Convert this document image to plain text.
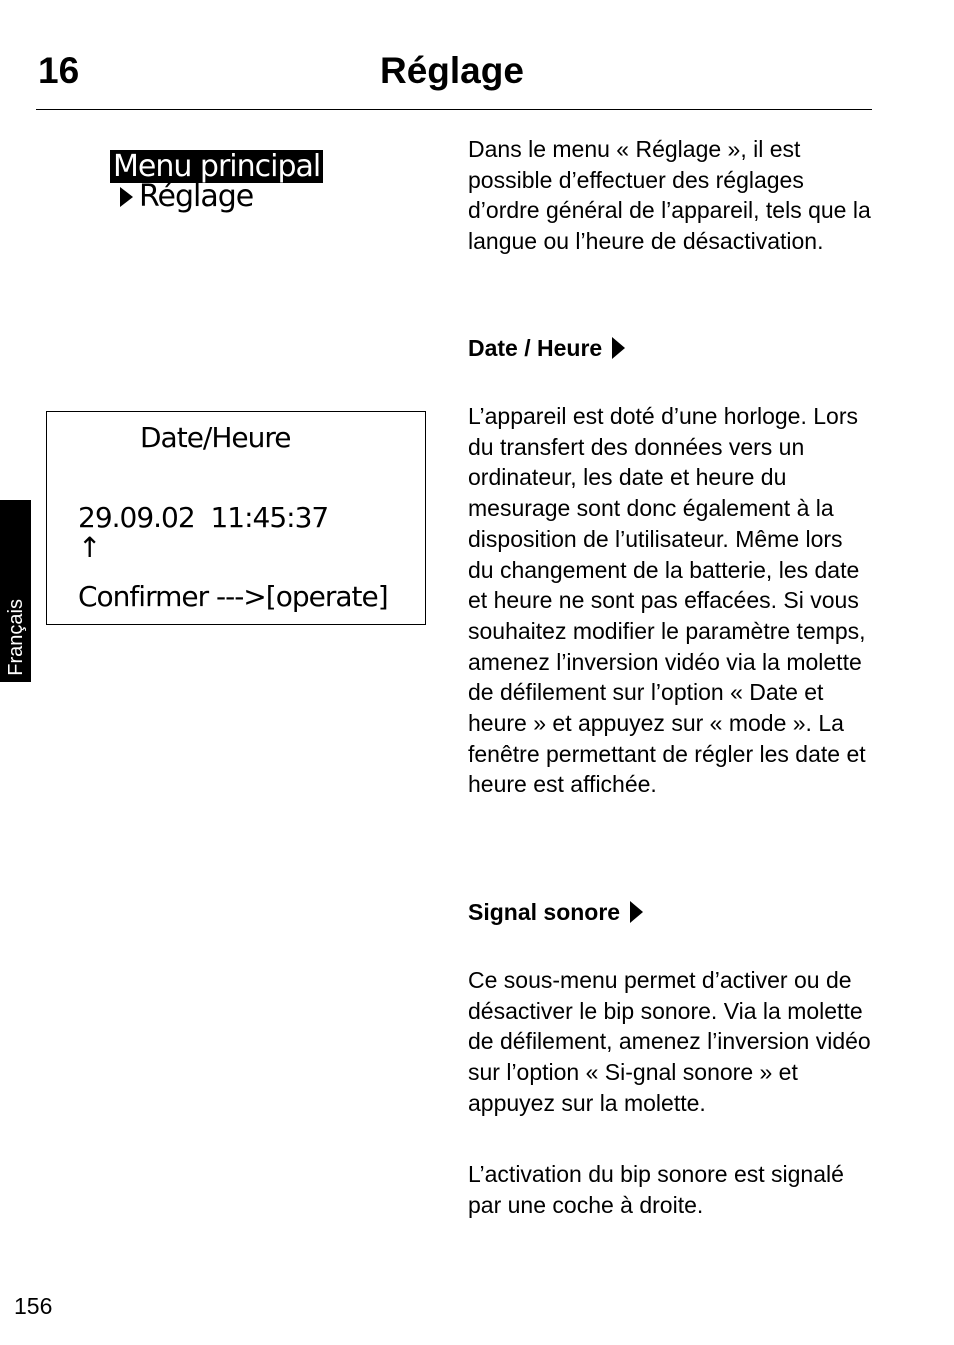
16	Réglage
Menu principal
Réglage
Date/Heure
29.09.02  11:45:37
↑
Confirmer --->[operate]
Français

Dans le menu « Réglage », il est possible d’effectuer des réglages d’ordre général de l’appareil, tels que la langue ou l’heure de désactivation.

Date / Heure

L’appareil est doté d’une horloge. Lors du transfert des données vers un ordinateur, les date et heure du mesurage sont donc également à la disposition de l’utilisateur. Même lors du changement de la batterie, les date et heure ne sont pas effacées. Si vous souhaitez modifier le paramètre temps, amenez l’inversion vidéo via la molette de défilement sur l’option « Date et heure » et appuyez sur « mode ». La fenêtre permettant de régler les date et heure est affichée.

Signal sonore

Ce sous-menu permet d’activer ou de désactiver le bip sonore. Via la molette de défilement, amenez l’inversion vidéo sur l’option « Si-gnal sonore » et appuyez sur la molette.

L’activation du bip sonore est signalé par une coche à droite.

156
